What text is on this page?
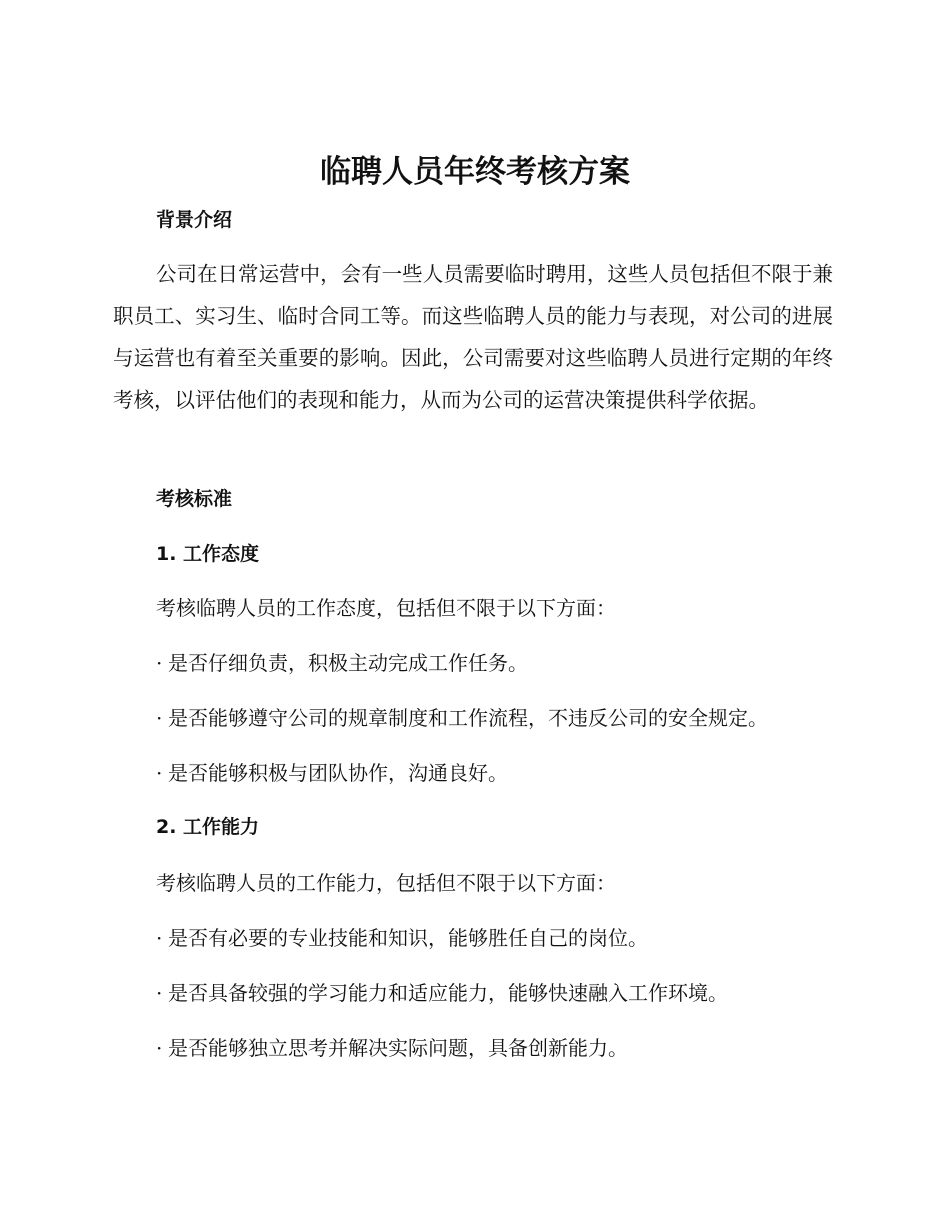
临聘人员年终考核方案
背景介绍

公司在日常运营中，会有一些人员需要临时聘用，这些人员包括但不限于兼职员工、实习生、临时合同工等。而这些临聘人员的能力与表现，对公司的进展与运营也有着至关重要的影响。因此，公司需要对这些临聘人员进行定期的年终考核，以评估他们的表现和能力，从而为公司的运营决策提供科学依据。

考核标准
1. 工作态度

考核临聘人员的工作态度，包括但不限于以下方面：

· 是否仔细负责，积极主动完成工作任务。

· 是否能够遵守公司的规章制度和工作流程，不违反公司的安全规定。

· 是否能够积极与团队协作，沟通良好。

2. 工作能力

考核临聘人员的工作能力，包括但不限于以下方面：

· 是否有必要的专业技能和知识，能够胜任自己的岗位。

· 是否具备较强的学习能力和适应能力，能够快速融入工作环境。

· 是否能够独立思考并解决实际问题，具备创新能力。
